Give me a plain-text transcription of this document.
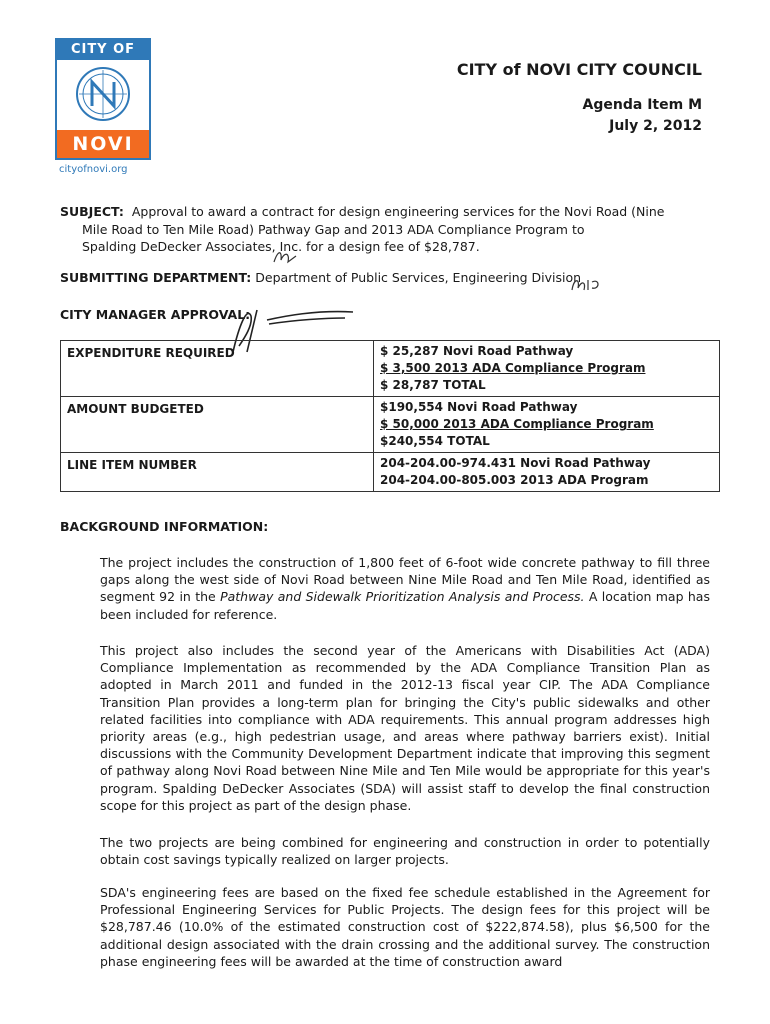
CITY OF
NOVI
cityofnovi.org
CITY of NOVI CITY COUNCIL
Agenda Item M
July 2, 2012
SUBJECT: Approval to award a contract for design engineering services for the Novi Road (Nine
Mile Road to Ten Mile Road) Pathway Gap and 2013 ADA Compliance Program to
Spalding DeDecker Associates, Inc. for a design fee of $28,787.
SUBMITTING DEPARTMENT: Department of Public Services, Engineering Division
CITY MANAGER APPROVAL:
EXPENDITURE REQUIRED	$ 25,287 Novi Road Pathway
$ 3,500 2013 ADA Compliance Program
$ 28,787 TOTAL

AMOUNT BUDGETED	$190,554 Novi Road Pathway
$ 50,000 2013 ADA Compliance Program
$240,554 TOTAL

LINE ITEM NUMBER	204-204.00-974.431 Novi Road Pathway
204-204.00-805.003 2013 ADA Program
BACKGROUND INFORMATION:
The project includes the construction of 1,800 feet of 6-foot wide concrete pathway to fill three gaps along the west side of Novi Road between Nine Mile Road and Ten Mile Road, identified as segment 92 in the Pathway and Sidewalk Prioritization Analysis and Process. A location map has been included for reference.
This project also includes the second year of the Americans with Disabilities Act (ADA) Compliance Implementation as recommended by the ADA Compliance Transition Plan as adopted in March 2011 and funded in the 2012-13 fiscal year CIP. The ADA Compliance Transition Plan provides a long-term plan for bringing the City's public sidewalks and other related facilities into compliance with ADA requirements. This annual program addresses high priority areas (e.g., high pedestrian usage, and areas where pathway barriers exist). Initial discussions with the Community Development Department indicate that improving this segment of pathway along Novi Road between Nine Mile and Ten Mile would be appropriate for this year's program. Spalding DeDecker Associates (SDA) will assist staff to develop the final construction scope for this project as part of the design phase.
The two projects are being combined for engineering and construction in order to potentially obtain cost savings typically realized on larger projects.
SDA's engineering fees are based on the fixed fee schedule established in the Agreement for Professional Engineering Services for Public Projects. The design fees for this project will be $28,787.46 (10.0% of the estimated construction cost of $222,874.58), plus $6,500 for the additional design associated with the drain crossing and the additional survey. The construction phase engineering fees will be awarded at the time of construction award
